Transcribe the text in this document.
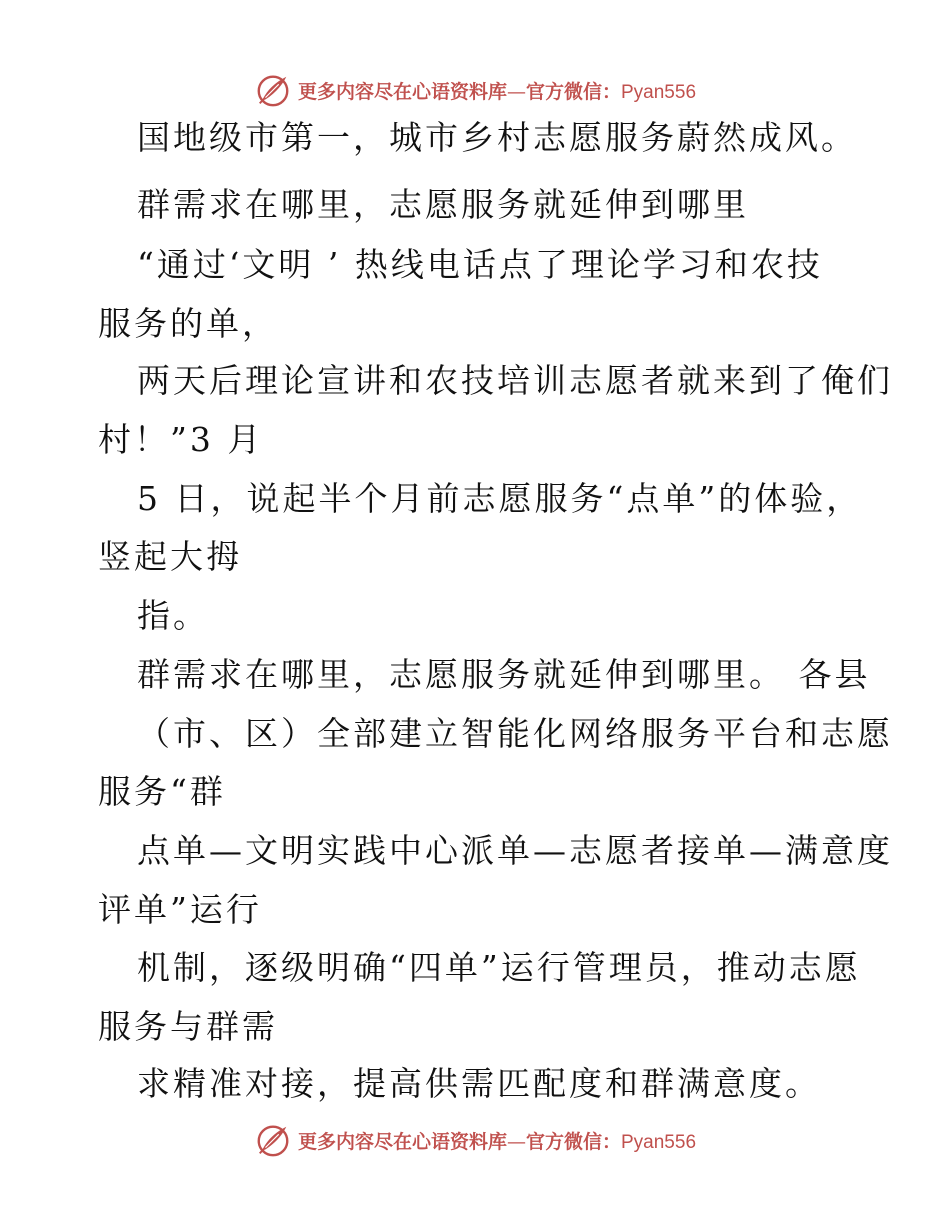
更多内容尽在心语资料库—官方微信：Pyan556
国地级市第一，城市乡村志愿服务蔚然成风。
群需求在哪里，志愿服务就延伸到哪里
“通过‘文明 ’ 热线电话点了理论学习和农技
服务的单，
两天后理论宣讲和农技培训志愿者就来到了俺们
村！”3 月
5 日，说起半个月前志愿服务“点单”的体验，
竖起大拇
指。
群需求在哪里，志愿服务就延伸到哪里。 各县
（市、区）全部建立智能化网络服务平台和志愿
服务“群
点单—文明实践中心派单—志愿者接单—满意度
评单”运行
机制，逐级明确“四单”运行管理员，推动志愿
服务与群需
求精准对接，提高供需匹配度和群满意度。
更多内容尽在心语资料库—官方微信：Pyan556
